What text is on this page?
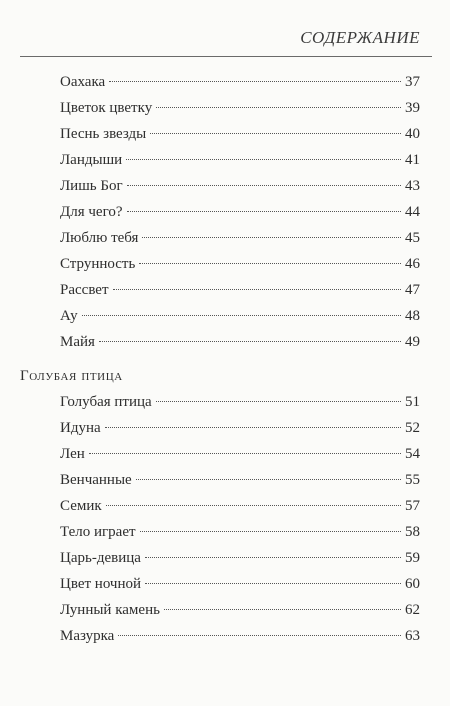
СОДЕРЖАНИЕ
Оахака	37
Цветок цветку	39
Песнь звезды	40
Ландыши	41
Лишь Бог	43
Для чего?	44
Люблю тебя	45
Струнность	46
Рассвет	47
Ау	48
Майя	49
Голубая птица
Голубая птица	51
Идуна	52
Лен	54
Венчанные	55
Семик	57
Тело играет	58
Царь-девица	59
Цвет ночной	60
Лунный камень	62
Мазурка	63
